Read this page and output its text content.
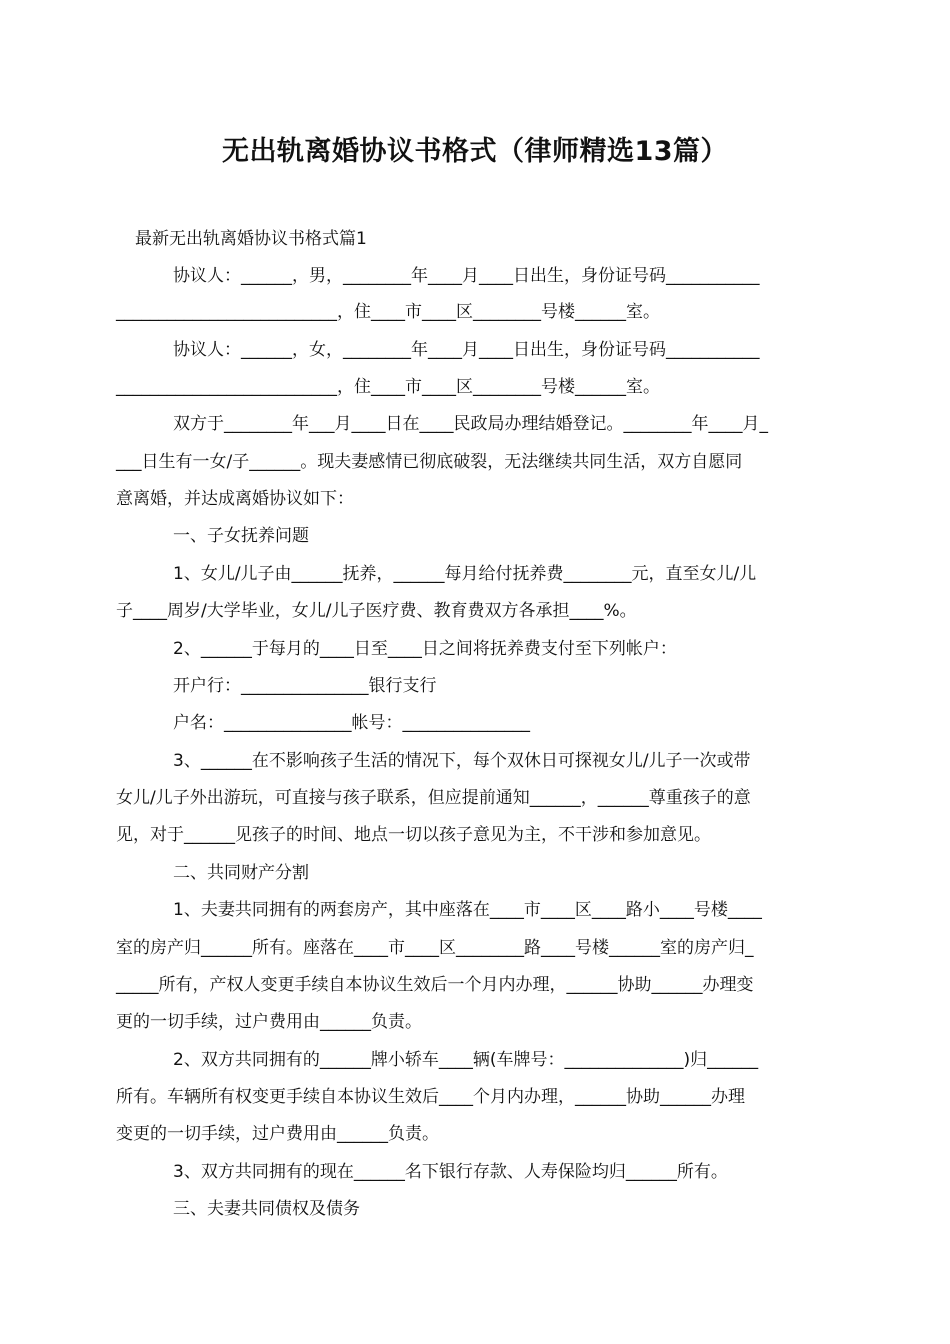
无出轨离婚协议书格式（律师精选13篇）
最新无出轨离婚协议书格式篇1
协议人：______，男，________年____月____日出生，身份证号码___________
__________________________，住____市____区________号楼______室。
协议人：______，女，________年____月____日出生，身份证号码___________
__________________________，住____市____区________号楼______室。
双方于________年___月____日在____民政局办理结婚登记。________年____月_
___日生有一女/子______。现夫妻感情已彻底破裂，无法继续共同生活，双方自愿同
意离婚，并达成离婚协议如下：
一、子女抚养问题
1、女儿/儿子由______抚养，______每月给付抚养费________元，直至女儿/儿
子____周岁/大学毕业，女儿/儿子医疗费、教育费双方各承担____%。
2、______于每月的____日至____日之间将抚养费支付至下列帐户：
开户行：_______________银行支行
户名：_______________帐号：_______________
3、______在不影响孩子生活的情况下，每个双休日可探视女儿/儿子一次或带
女儿/儿子外出游玩，可直接与孩子联系，但应提前通知______，______尊重孩子的意
见，对于______见孩子的时间、地点一切以孩子意见为主，不干涉和参加意见。
二、共同财产分割
1、夫妻共同拥有的两套房产，其中座落在____市____区____路小____号楼____
室的房产归______所有。座落在____市____区________路____号楼______室的房产归_
_____所有，产权人变更手续自本协议生效后一个月内办理，______协助______办理变
更的一切手续，过户费用由______负责。
2、双方共同拥有的______牌小轿车____辆(车牌号：______________)归______
所有。车辆所有权变更手续自本协议生效后____个月内办理，______协助______办理
变更的一切手续，过户费用由______负责。
3、双方共同拥有的现在______名下银行存款、人寿保险均归______所有。
三、夫妻共同债权及债务
